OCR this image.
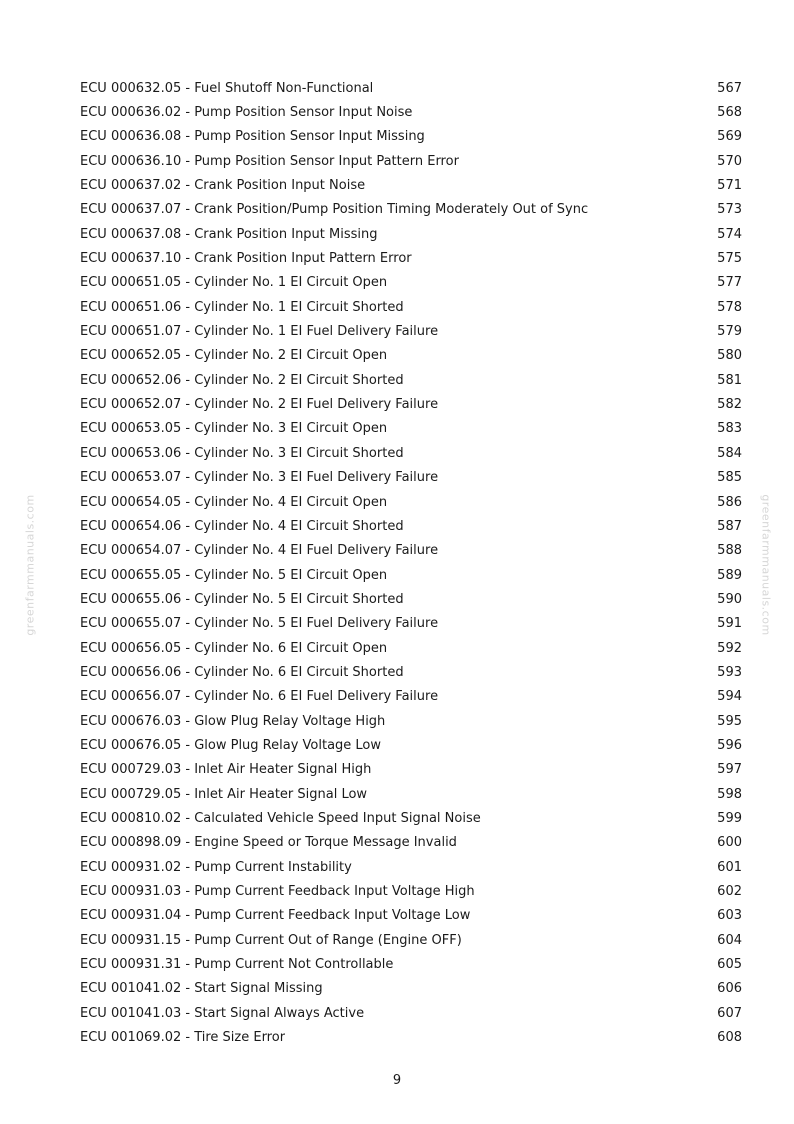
greenfarmmanuals.com	greenfarmmanuals.com
ECU 000632.05 - Fuel Shutoff Non-Functional	567
ECU 000636.02 - Pump Position Sensor Input Noise	568
ECU 000636.08 - Pump Position Sensor Input Missing	569
ECU 000636.10 - Pump Position Sensor Input Pattern Error	570
ECU 000637.02 - Crank Position Input Noise	571
ECU 000637.07 - Crank Position/Pump Position Timing Moderately Out of Sync	573
ECU 000637.08 - Crank Position Input Missing	574
ECU 000637.10 - Crank Position Input Pattern Error	575
ECU 000651.05 - Cylinder No. 1 EI Circuit Open	577
ECU 000651.06 - Cylinder No. 1 EI Circuit Shorted	578
ECU 000651.07 - Cylinder No. 1 EI Fuel Delivery Failure	579
ECU 000652.05 - Cylinder No. 2 EI Circuit Open	580
ECU 000652.06 - Cylinder No. 2 EI Circuit Shorted	581
ECU 000652.07 - Cylinder No. 2 EI Fuel Delivery Failure	582
ECU 000653.05 - Cylinder No. 3 EI Circuit Open	583
ECU 000653.06 - Cylinder No. 3 EI Circuit Shorted	584
ECU 000653.07 - Cylinder No. 3 EI Fuel Delivery Failure	585
ECU 000654.05 - Cylinder No. 4 EI Circuit Open	586
ECU 000654.06 - Cylinder No. 4 EI Circuit Shorted	587
ECU 000654.07 - Cylinder No. 4 EI Fuel Delivery Failure	588
ECU 000655.05 - Cylinder No. 5 EI Circuit Open	589
ECU 000655.06 - Cylinder No. 5 EI Circuit Shorted	590
ECU 000655.07 - Cylinder No. 5 EI Fuel Delivery Failure	591
ECU 000656.05 - Cylinder No. 6 EI Circuit Open	592
ECU 000656.06 - Cylinder No. 6 EI Circuit Shorted	593
ECU 000656.07 - Cylinder No. 6 EI Fuel Delivery Failure	594
ECU 000676.03 - Glow Plug Relay Voltage High	595
ECU 000676.05 - Glow Plug Relay Voltage Low	596
ECU 000729.03 - Inlet Air Heater Signal High	597
ECU 000729.05 - Inlet Air Heater Signal Low	598
ECU 000810.02 - Calculated Vehicle Speed Input Signal Noise	599
ECU 000898.09 - Engine Speed or Torque Message Invalid	600
ECU 000931.02 - Pump Current Instability	601
ECU 000931.03 - Pump Current Feedback Input Voltage High	602
ECU 000931.04 - Pump Current Feedback Input Voltage Low	603
ECU 000931.15 - Pump Current Out of Range (Engine OFF)	604
ECU 000931.31 - Pump Current Not Controllable	605
ECU 001041.02 - Start Signal Missing	606
ECU 001041.03 - Start Signal Always Active	607
ECU 001069.02 - Tire Size Error	608
9
